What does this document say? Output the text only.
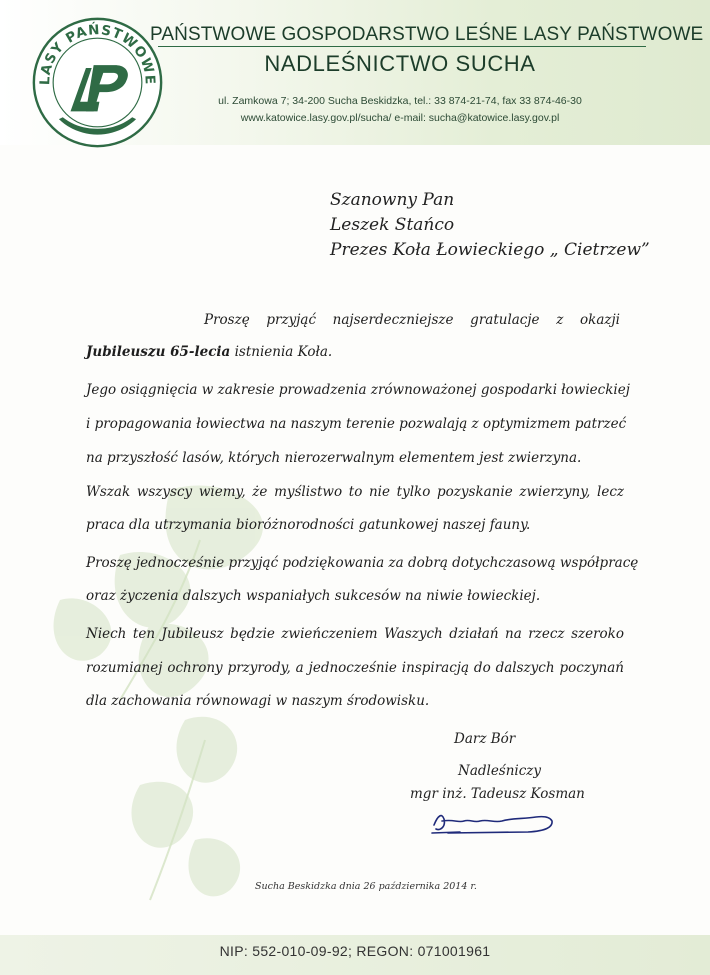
LASY PAŃSTWOWE
PAŃSTWOWE GOSPODARSTWO LEŚNE LASY PAŃSTWOWE
NADLEŚNICTWO SUCHA
ul. Zamkowa 7; 34-200 Sucha Beskidzka, tel.: 33 874-21-74, fax 33 874-46-30
www.katowice.lasy.gov.pl/sucha/ e-mail: sucha@katowice.lasy.gov.pl
Szanowny Pan
Leszek Stańco
Prezes Koła Łowieckiego „ Cietrzew”
Proszę przyjąć najserdeczniejsze gratulacje z okazji
Jubileuszu 65-lecia istnienia Koła.
Jego osiągnięcia w zakresie prowadzenia zrównoważonej gospodarki łowieckiej
i propagowania łowiectwa na naszym terenie pozwalają z optymizmem patrzeć
na przyszłość lasów, których nierozerwalnym elementem jest zwierzyna.
Wszak wszyscy wiemy, że myślistwo to nie tylko pozyskanie zwierzyny, lecz
praca dla utrzymania bioróżnorodności gatunkowej naszej fauny.
Proszę jednocześnie przyjąć podziękowania za dobrą dotychczasową współpracę
oraz życzenia dalszych wspaniałych sukcesów na niwie łowieckiej.
Niech ten Jubileusz będzie zwieńczeniem Waszych działań na rzecz szeroko
rozumianej ochrony przyrody, a jednocześnie inspiracją do dalszych poczynań
dla zachowania równowagi w naszym środowisku.
Darz Bór
Nadleśniczy
mgr inż. Tadeusz Kosman
Sucha Beskidzka dnia 26 października 2014 r.
NIP: 552-010-09-92; REGON: 071001961
